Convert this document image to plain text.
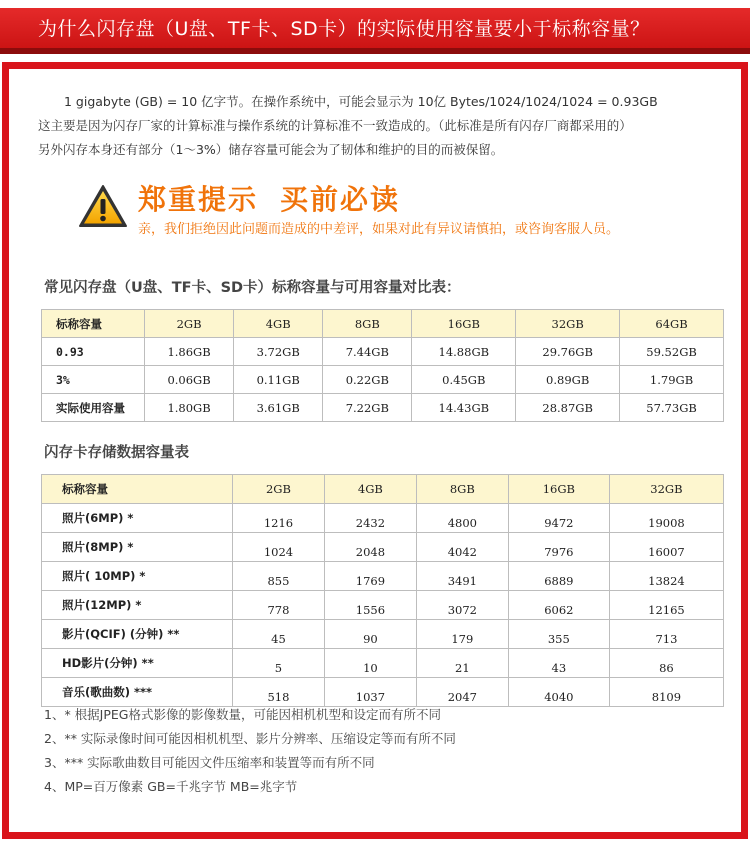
为什么闪存盘（U盘、TF卡、SD卡）的实际使用容量要小于标称容量？

1 gigabyte (GB) = 10 亿字节。在操作系统中，可能会显示为 10亿 Bytes/1024/1024/1024 = 0.93GB

这主要是因为闪存厂家的计算标准与操作系统的计算标准不一致造成的。（此标准是所有闪存厂商都采用的）

另外闪存本身还有部分（1～3%）储存容量可能会为了韧体和维护的目的而被保留。

郑重提示 买前必读
亲，我们拒绝因此问题而造成的中差评，如果对此有异议请慎拍，或咨询客服人员。
常见闪存盘（U盘、TF卡、SD卡）标称容量与可用容量对比表：
标称容量	2GB	4GB	8GB	16GB	32GB	64GB
0.93	1.86GB	3.72GB	7.44GB	14.88GB	29.76GB	59.52GB
3%	0.06GB	0.11GB	0.22GB	0.45GB	0.89GB	1.79GB
实际使用容量	1.80GB	3.61GB	7.22GB	14.43GB	28.87GB	57.73GB
闪存卡存储数据容量表
标称容量	2GB	4GB	8GB	16GB	32GB
照片(6MP) *	1216	2432	4800	9472	19008
照片(8MP) *	1024	2048	4042	7976	16007
照片( 10MP) *	855	1769	3491	6889	13824
照片(12MP) *	778	1556	3072	6062	12165
影片(QCIF) (分钟) **	45	90	179	355	713
HD影片(分钟) **	5	10	21	43	86
音乐(歌曲数) ***	518	1037	2047	4040	8109

1、* 根据JPEG格式影像的影像数量，可能因相机机型和设定而有所不同

2、** 实际录像时间可能因相机机型、影片分辨率、压缩设定等而有所不同

3、*** 实际歌曲数目可能因文件压缩率和装置等而有所不同

4、MP=百万像素 GB=千兆字节 MB=兆字节
